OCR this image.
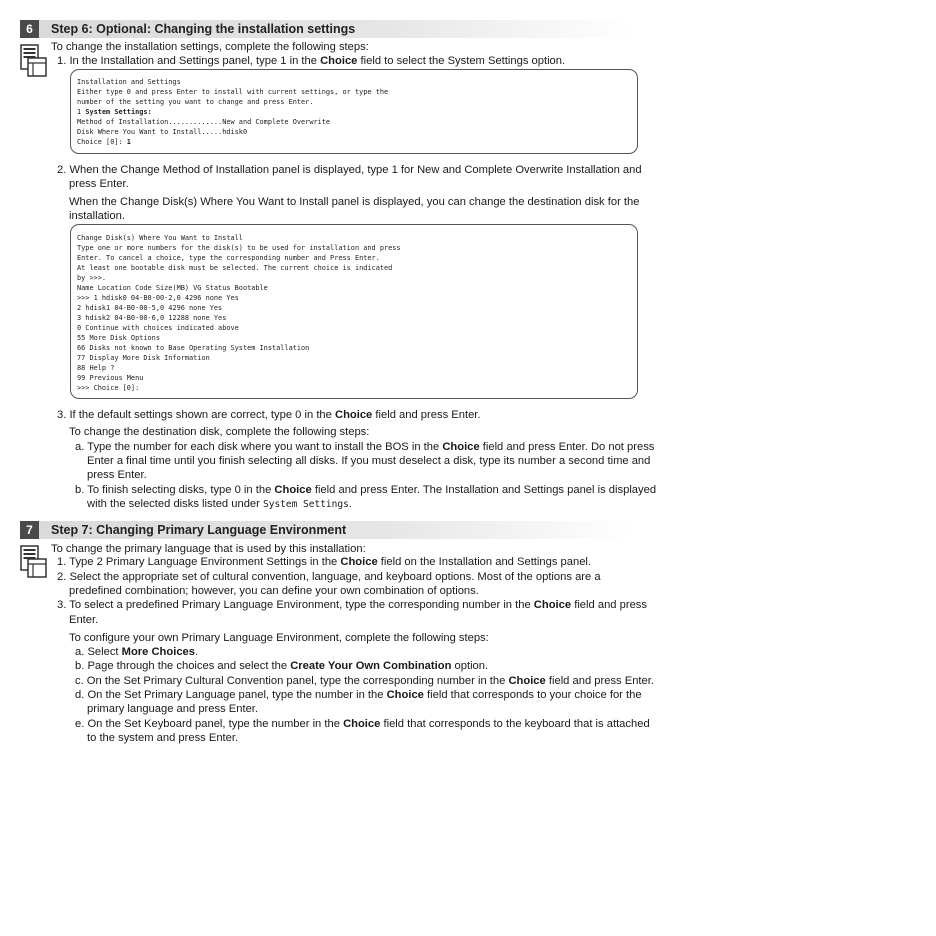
6	Step 6: Optional: Changing the installation settings
To change the installation settings, complete the following steps:
1. In the Installation and Settings panel, type 1 in the Choice field to select the System Settings option.
Installation and Settings
Either type 0 and press Enter to install with current settings, or type the
number of the setting you want to change and press Enter.
1 System Settings:
Method of Installation.............New and Complete Overwrite
Disk Where You Want to Install.....hdisk0
Choice [0]: 1
2. When the Change Method of Installation panel is displayed, type 1 for New and Complete Overwrite Installation and
press Enter.
When the Change Disk(s) Where You Want to Install panel is displayed, you can change the destination disk for the
installation.
Change Disk(s) Where You Want to Install
Type one or more numbers for the disk(s) to be used for installation and press
Enter. To cancel a choice, type the corresponding number and Press Enter.
At least one bootable disk must be selected. The current choice is indicated
by >>>.
Name Location Code Size(MB) VG Status Bootable
>>> 1 hdisk0 04-B0-00-2,0 4296 none Yes
2 hdisk1 04-B0-00-5,0 4296 none Yes
3 hdisk2 04-B0-00-6,0 12288 none Yes
0 Continue with choices indicated above
55 More Disk Options
66 Disks not known to Base Operating System Installation
77 Display More Disk Information
88 Help ?
99 Previous Menu
>>> Choice [0]:
3. If the default settings shown are correct, type 0 in the Choice field and press Enter.
To change the destination disk, complete the following steps:
a. Type the number for each disk where you want to install the BOS in the Choice field and press Enter. Do not press
Enter a final time until you finish selecting all disks. If you must deselect a disk, type its number a second time and
press Enter.
b. To finish selecting disks, type 0 in the Choice field and press Enter. The Installation and Settings panel is displayed
with the selected disks listed under System Settings.
7	Step 7: Changing Primary Language Environment
To change the primary language that is used by this installation:
1. Type 2 Primary Language Environment Settings in the Choice field on the Installation and Settings panel.
2. Select the appropriate set of cultural convention, language, and keyboard options. Most of the options are a
predefined combination; however, you can define your own combination of options.
3. To select a predefined Primary Language Environment, type the corresponding number in the Choice field and press
Enter.
To configure your own Primary Language Environment, complete the following steps:
a. Select More Choices.
b. Page through the choices and select the Create Your Own Combination option.
c. On the Set Primary Cultural Convention panel, type the corresponding number in the Choice field and press Enter.
d. On the Set Primary Language panel, type the number in the Choice field that corresponds to your choice for the
primary language and press Enter.
e. On the Set Keyboard panel, type the number in the Choice field that corresponds to the keyboard that is attached
to the system and press Enter.
